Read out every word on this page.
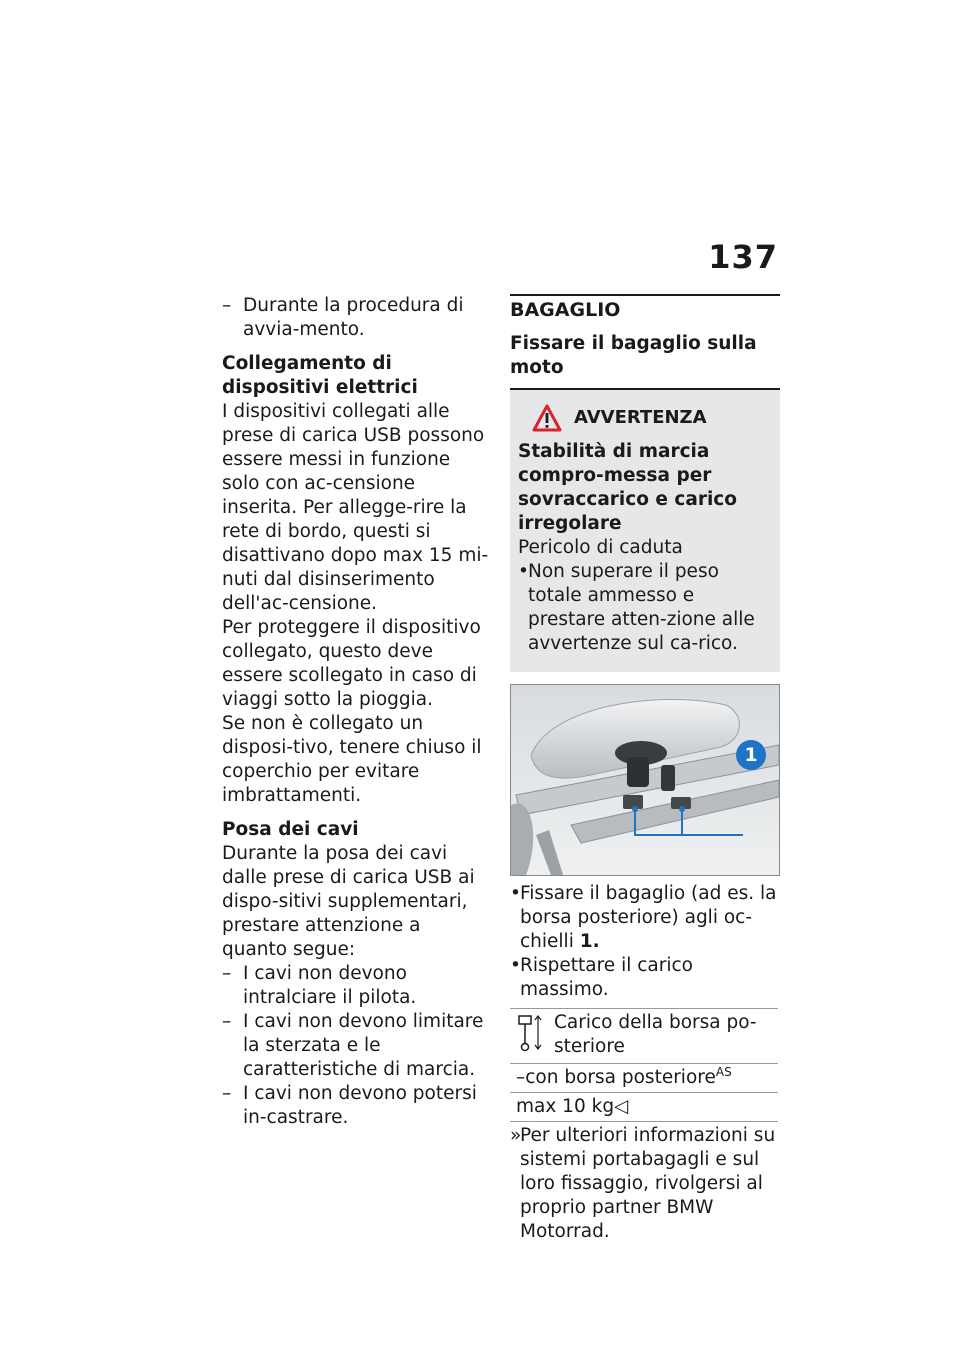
137

– Durante la procedura di avvia-mento.

Collegamento di dispositivi elettrici

I dispositivi collegati alle prese di carica USB possono essere messi in funzione solo con ac-censione inserita. Per allegge-rire la rete di bordo, questi si disattivano dopo max 15 mi-nuti dal disinserimento dell'ac-censione.

Per proteggere il dispositivo collegato, questo deve essere scollegato in caso di viaggi sotto la pioggia.

Se non è collegato un disposi-tivo, tenere chiuso il coperchio per evitare imbrattamenti.

Posa dei cavi

Durante la posa dei cavi dalle prese di carica USB ai dispo-sitivi supplementari, prestare attenzione a quanto segue:

– I cavi non devono intralciare il pilota.

– I cavi non devono limitare la sterzata e le caratteristiche di marcia.

– I cavi non devono potersi in-castrare.

BAGAGLIO
Fissare il bagaglio sulla moto
AVVERTENZA

Stabilità di marcia compro-messa per sovraccarico e carico irregolare

Pericolo di caduta

• Non superare il peso totale ammesso e prestare atten-zione alle avvertenze sul ca-rico.

1

• Fissare il bagaglio (ad es. la borsa posteriore) agli oc-chielli 1.

• Rispettare il carico massimo.

Carico della borsa po-steriore
–con borsa posteriore$^{AS}$
max 10 kg◁

» Per ulteriori informazioni su sistemi portabagagli e sul loro fissaggio, rivolgersi al proprio partner BMW Motorrad.
